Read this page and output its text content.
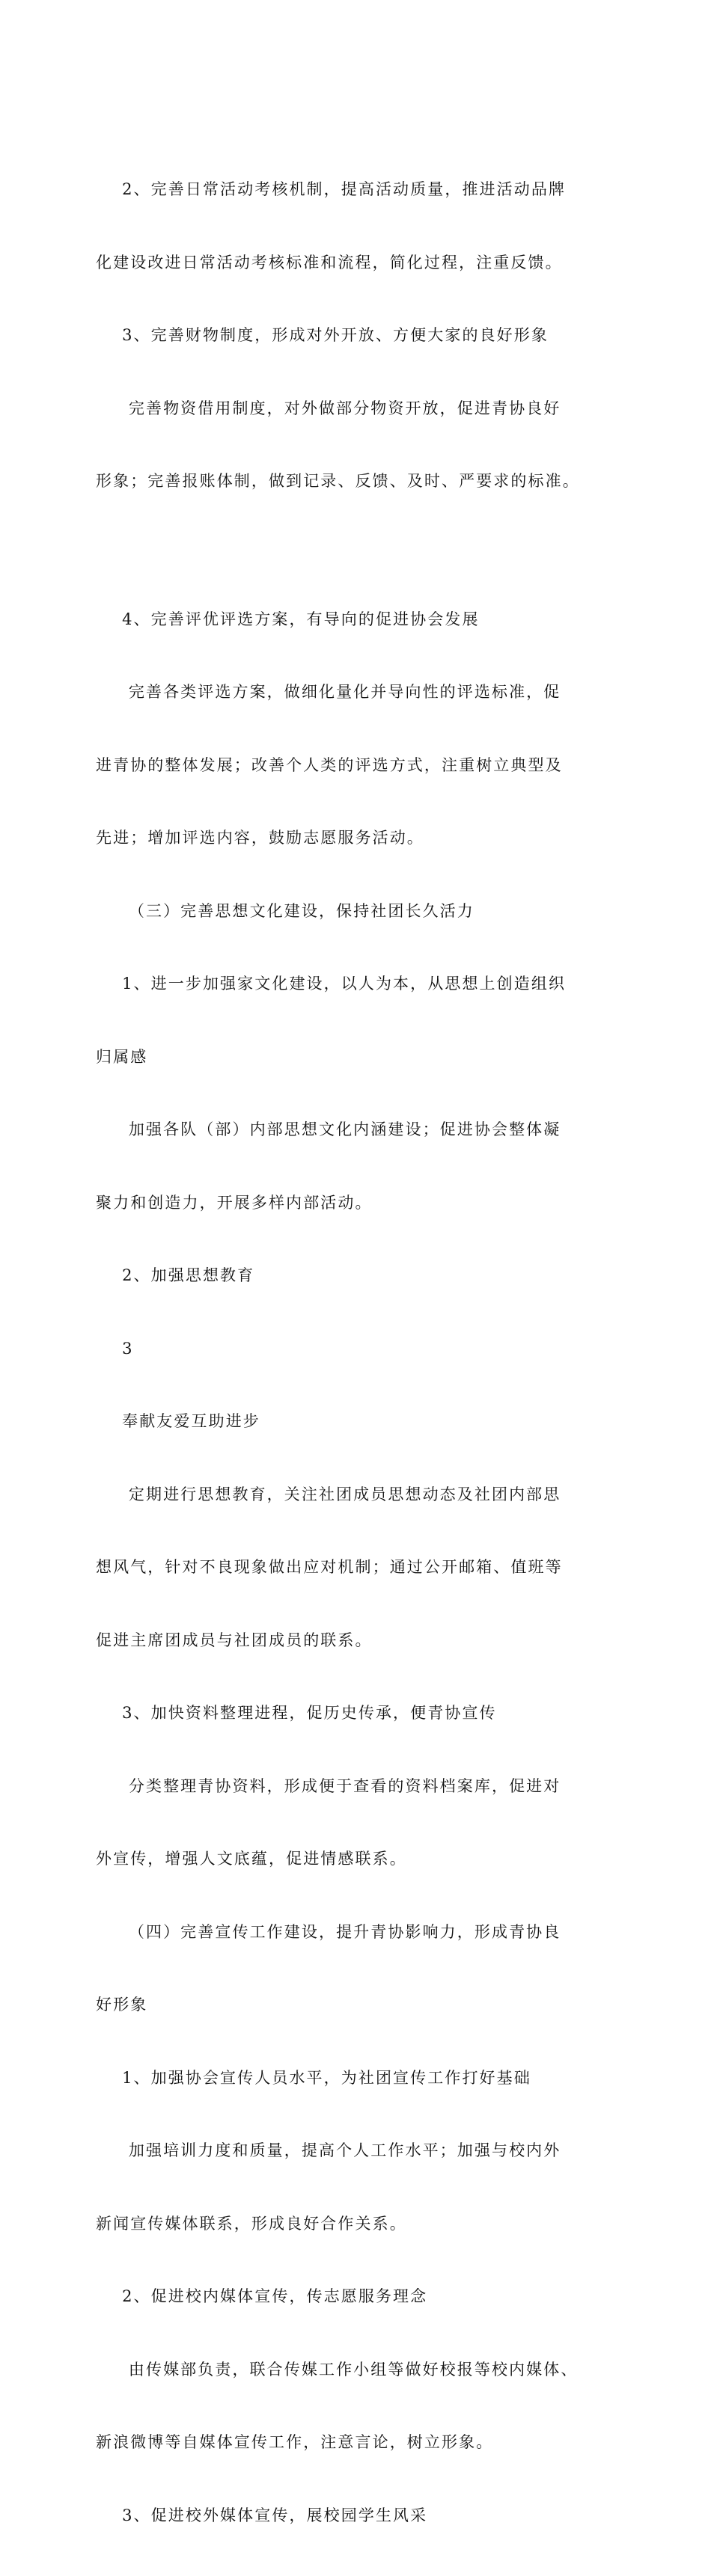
2、完善日常活动考核机制，提高活动质量，推进活动品牌

化建设改进日常活动考核标准和流程，简化过程，注重反馈。

3、完善财物制度，形成对外开放、方便大家的良好形象

完善物资借用制度，对外做部分物资开放，促进青协良好

形象；完善报账体制，做到记录、反馈、及时、严要求的标准。

4、完善评优评选方案，有导向的促进协会发展

完善各类评选方案，做细化量化并导向性的评选标准，促

进青协的整体发展；改善个人类的评选方式，注重树立典型及

先进；增加评选内容，鼓励志愿服务活动。

（三）完善思想文化建设，保持社团长久活力

1、进一步加强家文化建设，以人为本，从思想上创造组织

归属感

加强各队（部）内部思想文化内涵建设；促进协会整体凝

聚力和创造力，开展多样内部活动。

2、加强思想教育

3

奉献友爱互助进步

定期进行思想教育，关注社团成员思想动态及社团内部思

想风气，针对不良现象做出应对机制；通过公开邮箱、值班等

促进主席团成员与社团成员的联系。

3、加快资料整理进程，促历史传承，便青协宣传

分类整理青协资料，形成便于查看的资料档案库，促进对

外宣传，增强人文底蕴，促进情感联系。

（四）完善宣传工作建设，提升青协影响力，形成青协良

好形象

1、加强协会宣传人员水平，为社团宣传工作打好基础

加强培训力度和质量，提高个人工作水平；加强与校内外

新闻宣传媒体联系，形成良好合作关系。

2、促进校内媒体宣传，传志愿服务理念

由传媒部负责，联合传媒工作小组等做好校报等校内媒体、

新浪微博等自媒体宣传工作，注意言论，树立形象。

3、促进校外媒体宣传，展校园学生风采
